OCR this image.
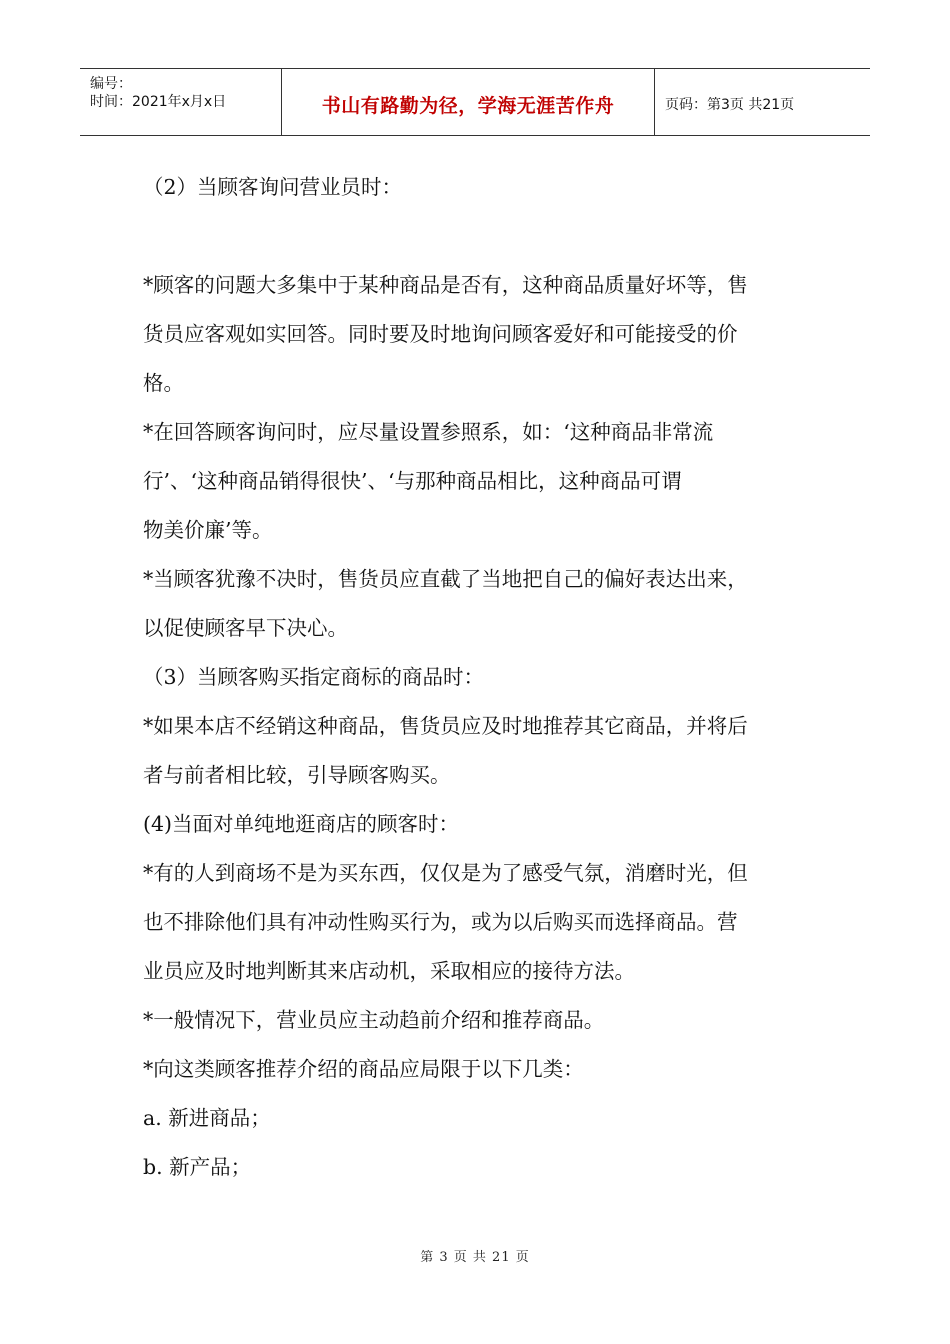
编号：
时间：2021年x月x日	书山有路勤为径，学海无涯苦作舟	页码：第3页 共21页
（2）当顾客询问营业员时：
*顾客的问题大多集中于某种商品是否有，这种商品质量好坏等，售
货员应客观如实回答。同时要及时地询问顾客爱好和可能接受的价
格。
*在回答顾客询问时，应尽量设置参照系，如：‘这种商品非常流
行’、‘这种商品销得很快’、‘与那种商品相比，这种商品可谓
物美价廉’等。
*当顾客犹豫不决时，售货员应直截了当地把自己的偏好表达出来，
以促使顾客早下决心。
（3）当顾客购买指定商标的商品时：
*如果本店不经销这种商品，售货员应及时地推荐其它商品，并将后
者与前者相比较，引导顾客购买。
(4)当面对单纯地逛商店的顾客时：
*有的人到商场不是为买东西，仅仅是为了感受气氛，消磨时光，但
也不排除他们具有冲动性购买行为，或为以后购买而选择商品。营
业员应及时地判断其来店动机，采取相应的接待方法。
*一般情况下，营业员应主动趋前介绍和推荐商品。
*向这类顾客推荐介绍的商品应局限于以下几类：
a. 新进商品；
b. 新产品；
第 3 页 共 21 页
